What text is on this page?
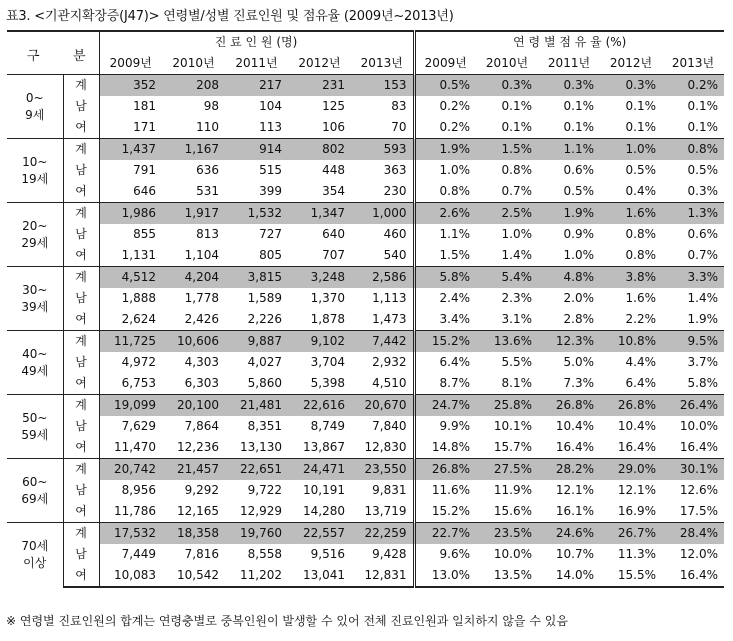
표3. <기관지확장증(J47)> 연령별/성별 진료인원 및 점유율 (2009년~2013년)
구 분		진 료 인 원 (명)					연 령 별 점 유 율 (%)				
		2009년	2010년	2011년	2012년	2013년	2009년	2010년	2011년	2012년	2013년

0~
9세	계	352	208	217	231	153	0.5%	0.3%	0.3%	0.3%	0.2%
	남	181	98	104	125	83	0.2%	0.1%	0.1%	0.1%	0.1%
	여	171	110	113	106	70	0.2%	0.1%	0.1%	0.1%	0.1%

10~
19세	계	1,437	1,167	914	802	593	1.9%	1.5%	1.1%	1.0%	0.8%
	남	791	636	515	448	363	1.0%	0.8%	0.6%	0.5%	0.5%
	여	646	531	399	354	230	0.8%	0.7%	0.5%	0.4%	0.3%

20~
29세	계	1,986	1,917	1,532	1,347	1,000	2.6%	2.5%	1.9%	1.6%	1.3%
	남	855	813	727	640	460	1.1%	1.0%	0.9%	0.8%	0.6%
	여	1,131	1,104	805	707	540	1.5%	1.4%	1.0%	0.8%	0.7%

30~
39세	계	4,512	4,204	3,815	3,248	2,586	5.8%	5.4%	4.8%	3.8%	3.3%
	남	1,888	1,778	1,589	1,370	1,113	2.4%	2.3%	2.0%	1.6%	1.4%
	여	2,624	2,426	2,226	1,878	1,473	3.4%	3.1%	2.8%	2.2%	1.9%

40~
49세	계	11,725	10,606	9,887	9,102	7,442	15.2%	13.6%	12.3%	10.8%	9.5%
	남	4,972	4,303	4,027	3,704	2,932	6.4%	5.5%	5.0%	4.4%	3.7%
	여	6,753	6,303	5,860	5,398	4,510	8.7%	8.1%	7.3%	6.4%	5.8%

50~
59세	계	19,099	20,100	21,481	22,616	20,670	24.7%	25.8%	26.8%	26.8%	26.4%
	남	7,629	7,864	8,351	8,749	7,840	9.9%	10.1%	10.4%	10.4%	10.0%
	여	11,470	12,236	13,130	13,867	12,830	14.8%	15.7%	16.4%	16.4%	16.4%

60~
69세	계	20,742	21,457	22,651	24,471	23,550	26.8%	27.5%	28.2%	29.0%	30.1%
	남	8,956	9,292	9,722	10,191	9,831	11.6%	11.9%	12.1%	12.1%	12.6%
	여	11,786	12,165	12,929	14,280	13,719	15.2%	15.6%	16.1%	16.9%	17.5%

70세
이상	계	17,532	18,358	19,760	22,557	22,259	22.7%	23.5%	24.6%	26.7%	28.4%
	남	7,449	7,816	8,558	9,516	9,428	9.6%	10.0%	10.7%	11.3%	12.0%
	여	10,083	10,542	11,202	13,041	12,831	13.0%	13.5%	14.0%	15.5%	16.4%
※ 연령별 진료인원의 합계는 연령충별로 중복인원이 발생할 수 있어 전체 진료인원과 일치하지 않을 수 있음
